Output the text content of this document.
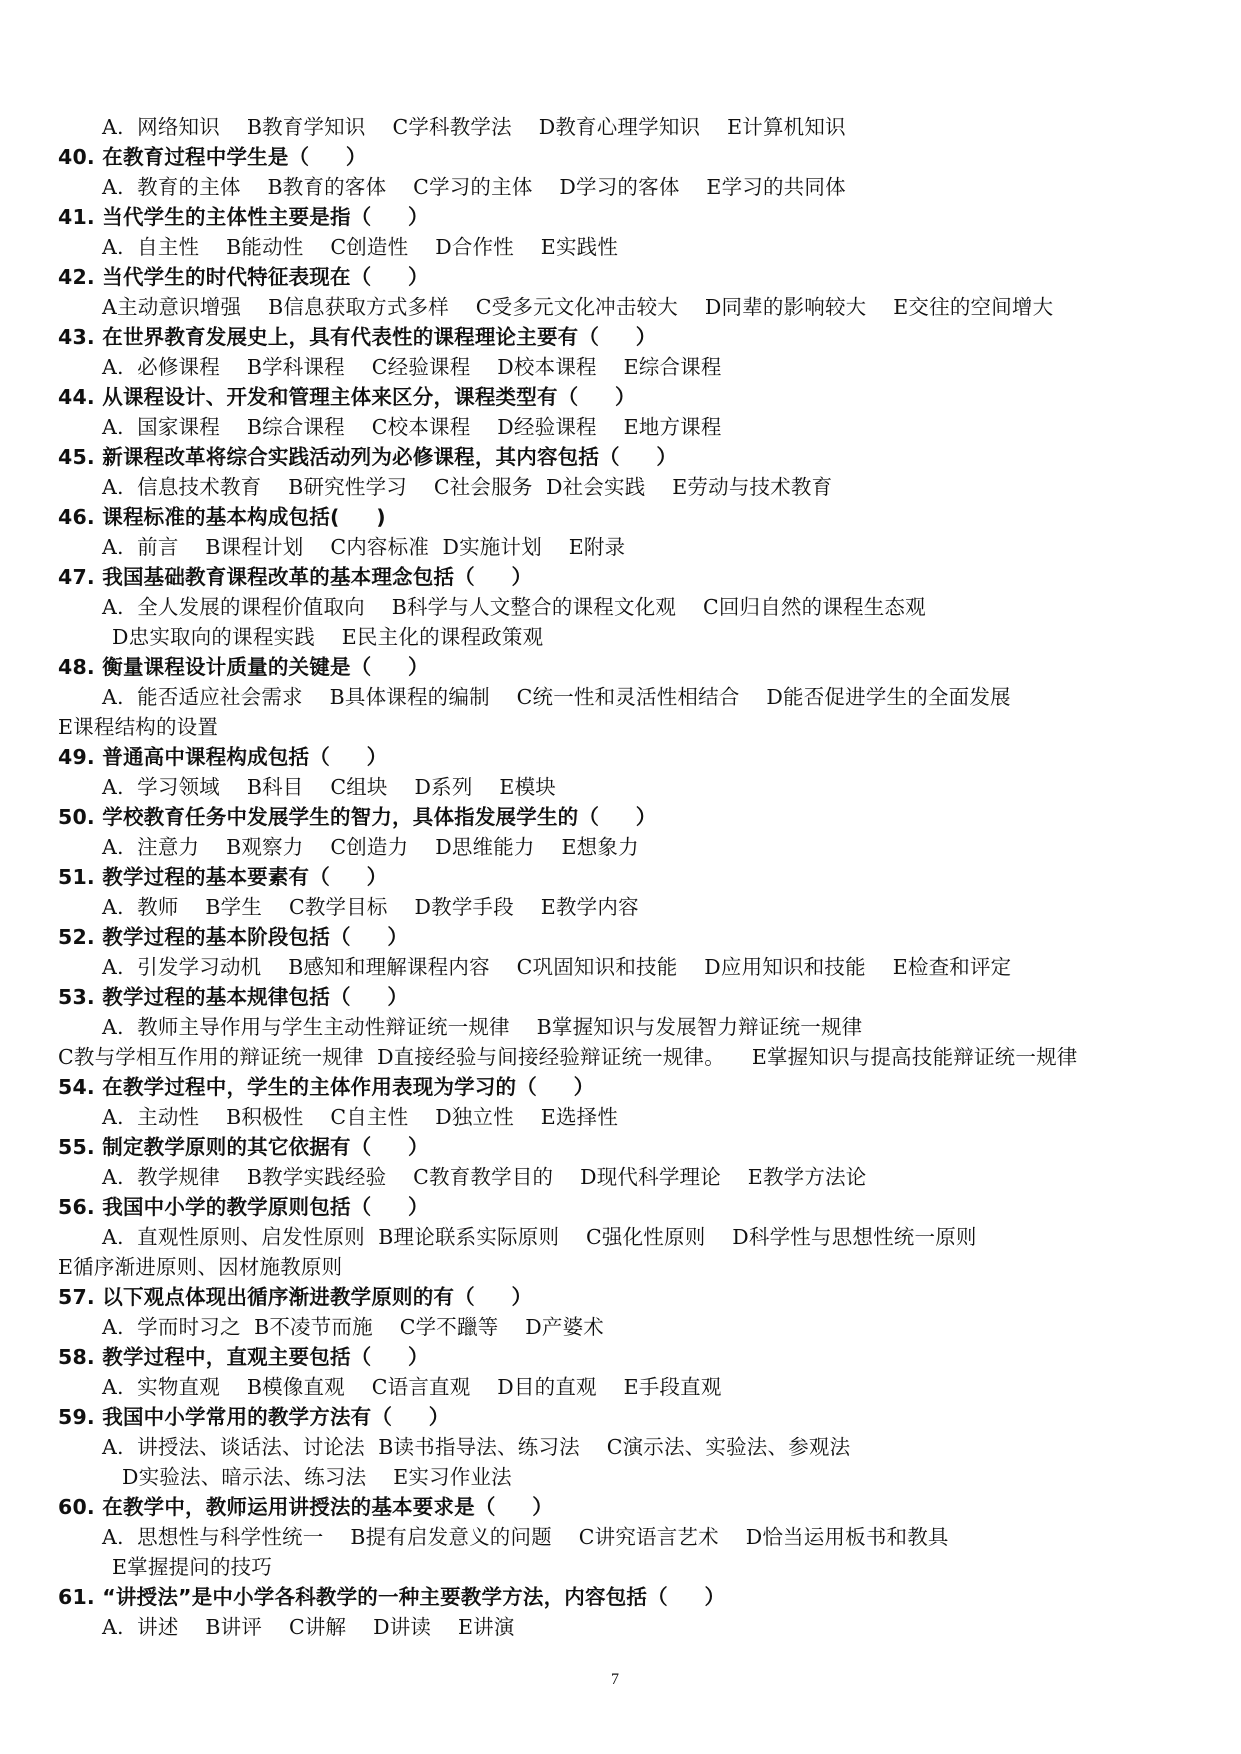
A.  网络知识    B教育学知识    C学科教学法    D教育心理学知识    E计算机知识
40. 在教育过程中学生是（     ）
A.  教育的主体    B教育的客体    C学习的主体    D学习的客体    E学习的共同体
41. 当代学生的主体性主要是指（     ）
A.  自主性    B能动性    C创造性    D合作性    E实践性
42. 当代学生的时代特征表现在（     ）
A主动意识增强    B信息获取方式多样    C受多元文化冲击较大    D同辈的影响较大    E交往的空间增大
43. 在世界教育发展史上，具有代表性的课程理论主要有（     ）
A.  必修课程    B学科课程    C经验课程    D校本课程    E综合课程
44. 从课程设计、开发和管理主体来区分，课程类型有（     ）
A.  国家课程    B综合课程    C校本课程    D经验课程    E地方课程
45. 新课程改革将综合实践活动列为必修课程，其内容包括（     ）
A.  信息技术教育    B研究性学习    C社会服务  D社会实践    E劳动与技术教育
46. 课程标准的基本构成包括(     )
A.  前言    B课程计划    C内容标准  D实施计划    E附录
47. 我国基础教育课程改革的基本理念包括（     ）
A.  全人发展的课程价值取向    B科学与人文整合的课程文化观    C回归自然的课程生态观
D忠实取向的课程实践    E民主化的课程政策观
48. 衡量课程设计质量的关键是（     ）
A.  能否适应社会需求    B具体课程的编制    C统一性和灵活性相结合    D能否促进学生的全面发展
E课程结构的设置
49. 普通高中课程构成包括（     ）
A.  学习领域    B科目    C组块    D系列    E模块
50. 学校教育任务中发展学生的智力，具体指发展学生的（     ）
A.  注意力    B观察力    C创造力    D思维能力    E想象力
51. 教学过程的基本要素有（     ）
A.  教师    B学生    C教学目标    D教学手段    E教学内容
52. 教学过程的基本阶段包括（     ）
A.  引发学习动机    B感知和理解课程内容    C巩固知识和技能    D应用知识和技能    E检查和评定
53. 教学过程的基本规律包括（     ）
A.  教师主导作用与学生主动性辩证统一规律    B掌握知识与发展智力辩证统一规律
C教与学相互作用的辩证统一规律  D直接经验与间接经验辩证统一规律。    E掌握知识与提高技能辩证统一规律
54. 在教学过程中，学生的主体作用表现为学习的（     ）
A.  主动性    B积极性    C自主性    D独立性    E选择性
55. 制定教学原则的其它依据有（     ）
A.  教学规律    B教学实践经验    C教育教学目的    D现代科学理论    E教学方法论
56. 我国中小学的教学原则包括（     ）
A.  直观性原则、启发性原则  B理论联系实际原则    C强化性原则    D科学性与思想性统一原则
E循序渐进原则、因材施教原则
57. 以下观点体现出循序渐进教学原则的有（     ）
A.  学而时习之  B不凌节而施    C学不躐等    D产婆术
58. 教学过程中，直观主要包括（     ）
A.  实物直观    B模像直观    C语言直观    D目的直观    E手段直观
59. 我国中小学常用的教学方法有（     ）
A.  讲授法、谈话法、讨论法  B读书指导法、练习法    C演示法、实验法、参观法
D实验法、暗示法、练习法    E实习作业法
60. 在教学中，教师运用讲授法的基本要求是（     ）
A.  思想性与科学性统一    B提有启发意义的问题    C讲究语言艺术    D恰当运用板书和教具
E掌握提问的技巧
61. “讲授法”是中小学各科教学的一种主要教学方法，内容包括（     ）
A.  讲述    B讲评    C讲解    D讲读    E讲演
7
